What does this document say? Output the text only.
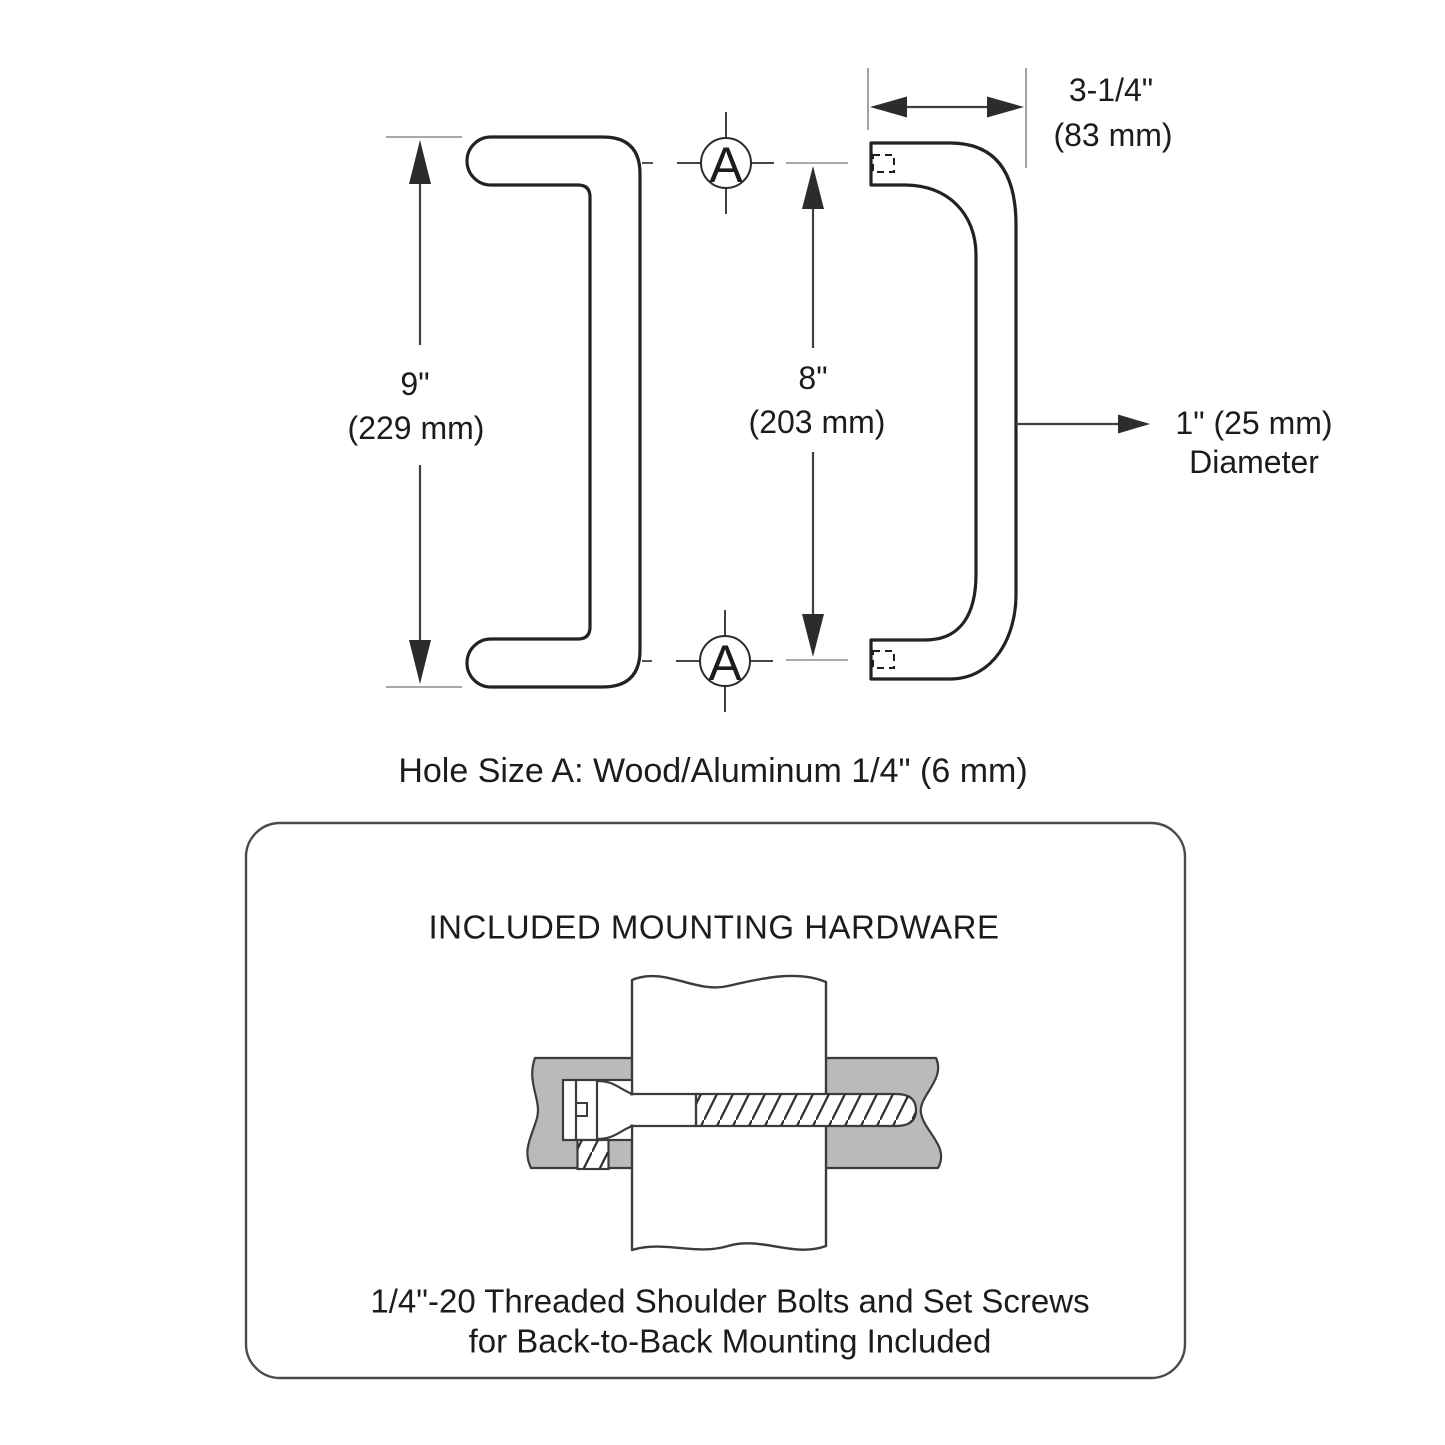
9"
(229 mm)
8"
(203 mm)
3-1/4"
(83 mm)
1" (25 mm)
Diameter
A
A
Hole Size A: Wood/Aluminum 1/4" (6 mm)
INCLUDED MOUNTING HARDWARE
1/4"-20 Threaded Shoulder Bolts and Set Screws
for Back-to-Back Mounting Included
